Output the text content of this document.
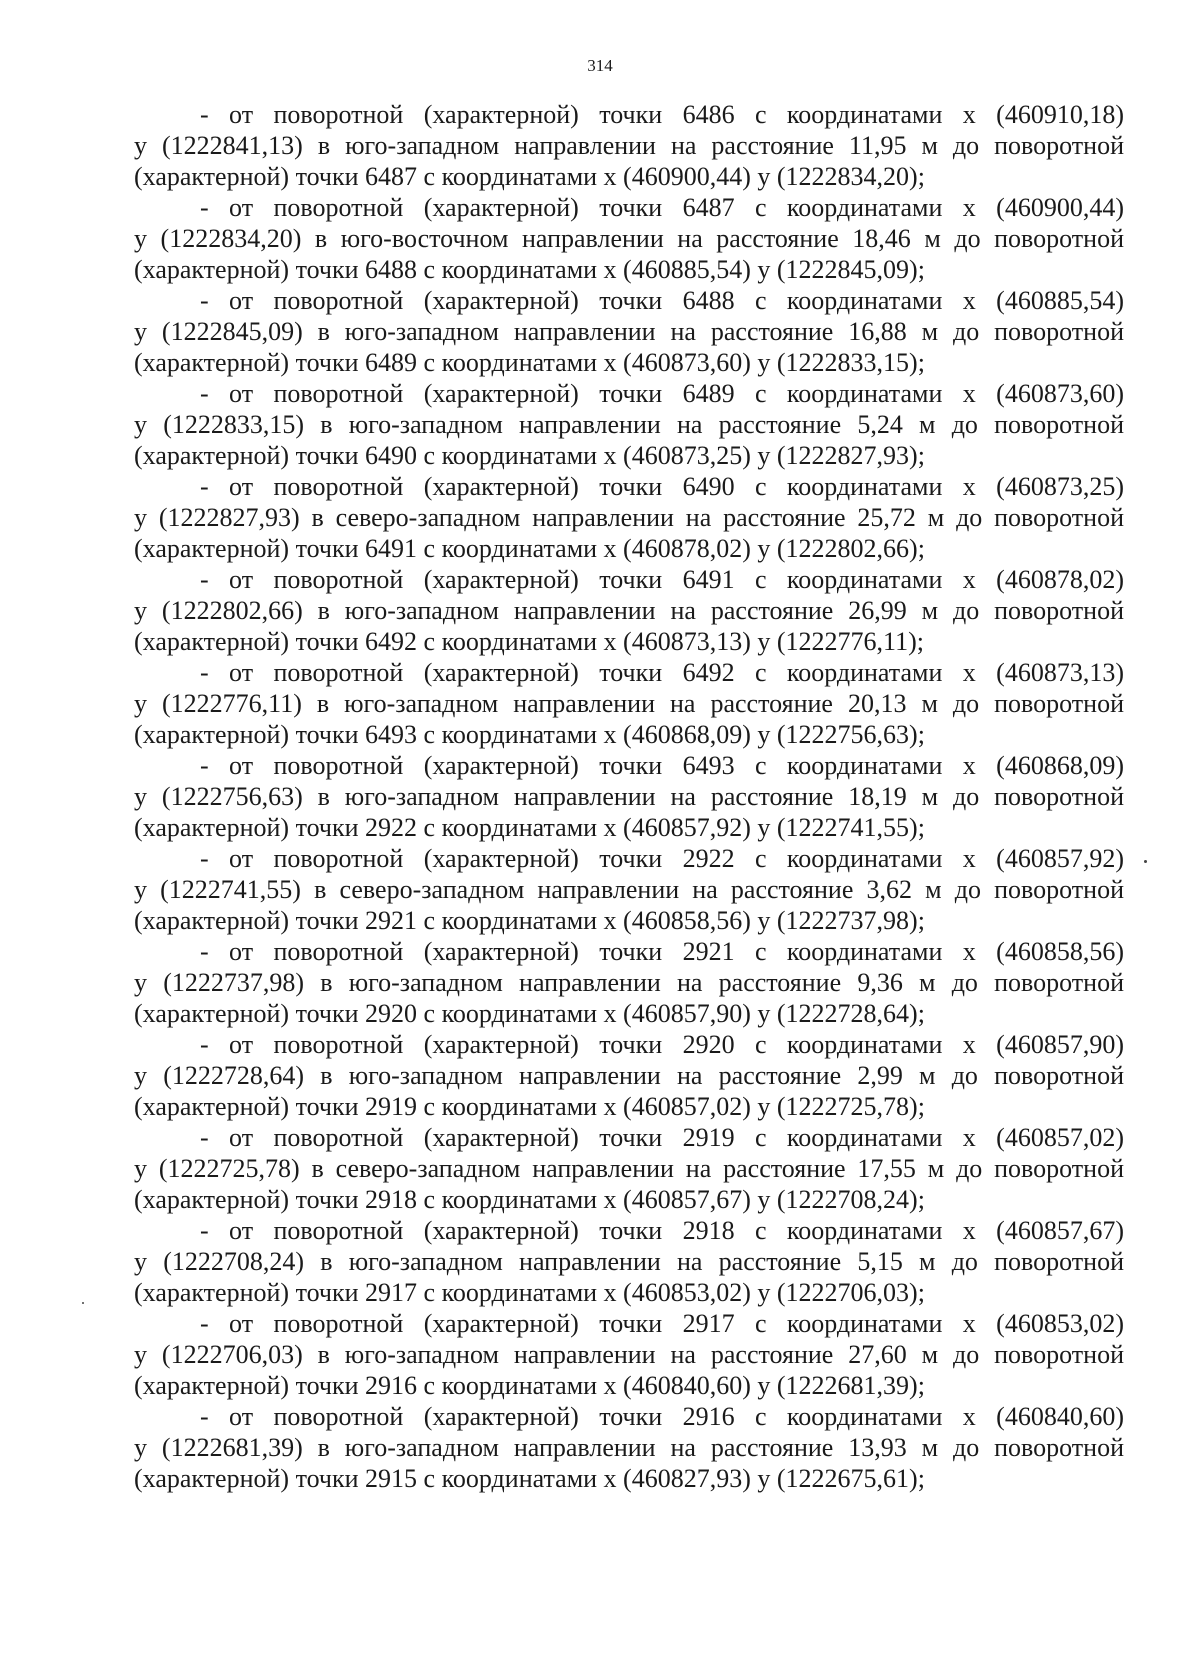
314
- от поворотной (характерной) точки 6486 с координатами х (460910,18)
у (1222841,13) в юго-западном направлении на расстояние 11,95 м до поворотной
(характерной) точки 6487 с координатами х (460900,44) у (1222834,20);
- от поворотной (характерной) точки 6487 с координатами х (460900,44)
у (1222834,20) в юго-восточном направлении на расстояние 18,46 м до поворотной
(характерной) точки 6488 с координатами х (460885,54) у (1222845,09);
- от поворотной (характерной) точки 6488 с координатами х (460885,54)
у (1222845,09) в юго-западном направлении на расстояние 16,88 м до поворотной
(характерной) точки 6489 с координатами х (460873,60) у (1222833,15);
- от поворотной (характерной) точки 6489 с координатами х (460873,60)
у (1222833,15) в юго-западном направлении на расстояние 5,24 м до поворотной
(характерной) точки 6490 с координатами х (460873,25) у (1222827,93);
- от поворотной (характерной) точки 6490 с координатами х (460873,25)
у (1222827,93) в северо-западном направлении на расстояние 25,72 м до поворотной
(характерной) точки 6491 с координатами х (460878,02) у (1222802,66);
- от поворотной (характерной) точки 6491 с координатами х (460878,02)
у (1222802,66) в юго-западном направлении на расстояние 26,99 м до поворотной
(характерной) точки 6492 с координатами х (460873,13) у (1222776,11);
- от поворотной (характерной) точки 6492 с координатами х (460873,13)
у (1222776,11) в юго-западном направлении на расстояние 20,13 м до поворотной
(характерной) точки 6493 с координатами х (460868,09) у (1222756,63);
- от поворотной (характерной) точки 6493 с координатами х (460868,09)
у (1222756,63) в юго-западном направлении на расстояние 18,19 м до поворотной
(характерной) точки 2922 с координатами х (460857,92) у (1222741,55);
- от поворотной (характерной) точки 2922 с координатами х (460857,92)
у (1222741,55) в северо-западном направлении на расстояние 3,62 м до поворотной
(характерной) точки 2921 с координатами х (460858,56) у (1222737,98);
- от поворотной (характерной) точки 2921 с координатами х (460858,56)
у (1222737,98) в юго-западном направлении на расстояние 9,36 м до поворотной
(характерной) точки 2920 с координатами х (460857,90) у (1222728,64);
- от поворотной (характерной) точки 2920 с координатами х (460857,90)
у (1222728,64) в юго-западном направлении на расстояние 2,99 м до поворотной
(характерной) точки 2919 с координатами х (460857,02) у (1222725,78);
- от поворотной (характерной) точки 2919 с координатами х (460857,02)
у (1222725,78) в северо-западном направлении на расстояние 17,55 м до поворотной
(характерной) точки 2918 с координатами х (460857,67) у (1222708,24);
- от поворотной (характерной) точки 2918 с координатами х (460857,67)
у (1222708,24) в юго-западном направлении на расстояние 5,15 м до поворотной
(характерной) точки 2917 с координатами х (460853,02) у (1222706,03);
- от поворотной (характерной) точки 2917 с координатами х (460853,02)
у (1222706,03) в юго-западном направлении на расстояние 27,60 м до поворотной
(характерной) точки 2916 с координатами х (460840,60) у (1222681,39);
- от поворотной (характерной) точки 2916 с координатами х (460840,60)
у (1222681,39) в юго-западном направлении на расстояние 13,93 м до поворотной
(характерной) точки 2915 с координатами х (460827,93) у (1222675,61);
